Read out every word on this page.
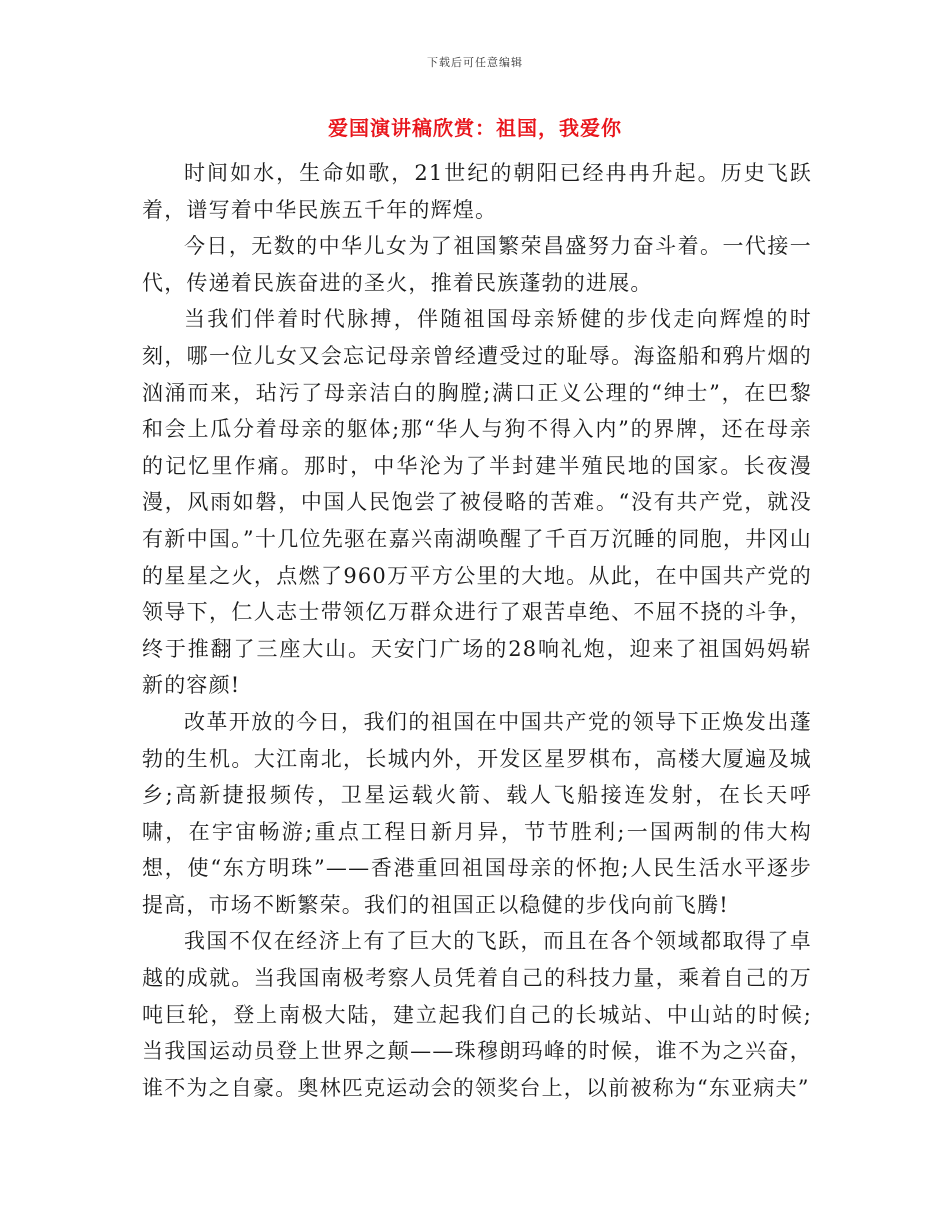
下载后可任意编辑
爱国演讲稿欣赏：祖国，我爱你

时间如水，生命如歌，21世纪的朝阳已经冉冉升起。历史飞跃着，谱写着中华民族五千年的辉煌。

今日，无数的中华儿女为了祖国繁荣昌盛努力奋斗着。一代接一代，传递着民族奋进的圣火，推着民族蓬勃的进展。

当我们伴着时代脉搏，伴随祖国母亲矫健的步伐走向辉煌的时刻，哪一位儿女又会忘记母亲曾经遭受过的耻辱。海盗船和鸦片烟的汹涌而来，玷污了母亲洁白的胸膛;满口正义公理的“绅士”，在巴黎和会上瓜分着母亲的躯体;那“华人与狗不得入内”的界牌，还在母亲的记忆里作痛。那时，中华沦为了半封建半殖民地的国家。长夜漫漫，风雨如磐，中国人民饱尝了被侵略的苦难。“没有共产党，就没有新中国。”十几位先驱在嘉兴南湖唤醒了千百万沉睡的同胞，井冈山的星星之火，点燃了960万平方公里的大地。从此，在中国共产党的领导下，仁人志士带领亿万群众进行了艰苦卓绝、不屈不挠的斗争，终于推翻了三座大山。天安门广场的28响礼炮，迎来了祖国妈妈崭新的容颜!

改革开放的今日，我们的祖国在中国共产党的领导下正焕发出蓬勃的生机。大江南北，长城内外，开发区星罗棋布，高楼大厦遍及城乡;高新捷报频传，卫星运载火箭、载人飞船接连发射，在长天呼啸，在宇宙畅游;重点工程日新月异，节节胜利;一国两制的伟大构想，使“东方明珠”——香港重回祖国母亲的怀抱;人民生活水平逐步提高，市场不断繁荣。我们的祖国正以稳健的步伐向前飞腾!

我国不仅在经济上有了巨大的飞跃，而且在各个领域都取得了卓越的成就。当我国南极考察人员凭着自己的科技力量，乘着自己的万吨巨轮，登上南极大陆，建立起我们自己的长城站、中山站的时候;当我国运动员登上世界之颠——珠穆朗玛峰的时候，谁不为之兴奋，谁不为之自豪。奥林匹克运动会的领奖台上，以前被称为“东亚病夫”
